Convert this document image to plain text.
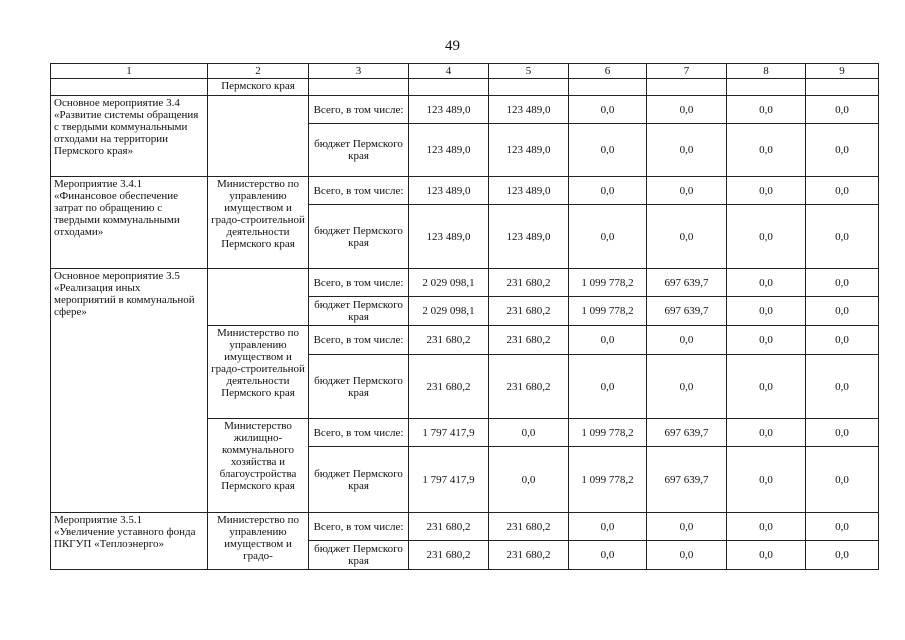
49
1	2	3	4	5	6	7	8	9
	Пермского края							
Основное мероприятие 3.4 «Развитие системы обращения с твердыми коммунальными отходами на территории Пермского края»		Всего, в том числе:	123 489,0	123 489,0	0,0	0,0	0,0	0,0
		бюджет Пермского края	123 489,0	123 489,0	0,0	0,0	0,0	0,0
Мероприятие 3.4.1 «Финансовое обеспечение затрат по обращению с твердыми коммунальными отходами»	Министерство по управлению имуществом и градо-строительной деятельности Пермского края	Всего, в том числе:	123 489,0	123 489,0	0,0	0,0	0,0	0,0
		бюджет Пермского края	123 489,0	123 489,0	0,0	0,0	0,0	0,0
Основное мероприятие 3.5 «Реализация иных мероприятий в коммунальной сфере»		Всего, в том числе:	2 029 098,1	231 680,2	1 099 778,2	697 639,7	0,0	0,0
		бюджет Пермского края	2 029 098,1	231 680,2	1 099 778,2	697 639,7	0,0	0,0
	Министерство по управлению имуществом и градо-строительной деятельности Пермского края	Всего, в том числе:	231 680,2	231 680,2	0,0	0,0	0,0	0,0
		бюджет Пермского края	231 680,2	231 680,2	0,0	0,0	0,0	0,0
	Министерство жилищно-коммунального хозяйства и благоустройства Пермского края	Всего, в том числе:	1 797 417,9	0,0	1 099 778,2	697 639,7	0,0	0,0
		бюджет Пермского края	1 797 417,9	0,0	1 099 778,2	697 639,7	0,0	0,0
Мероприятие 3.5.1 «Увеличение уставного фонда ПКГУП «Теплоэнерго»	Министерство по управлению имуществом и градо-	Всего, в том числе:	231 680,2	231 680,2	0,0	0,0	0,0	0,0
		бюджет Пермского края	231 680,2	231 680,2	0,0	0,0	0,0	0,0
